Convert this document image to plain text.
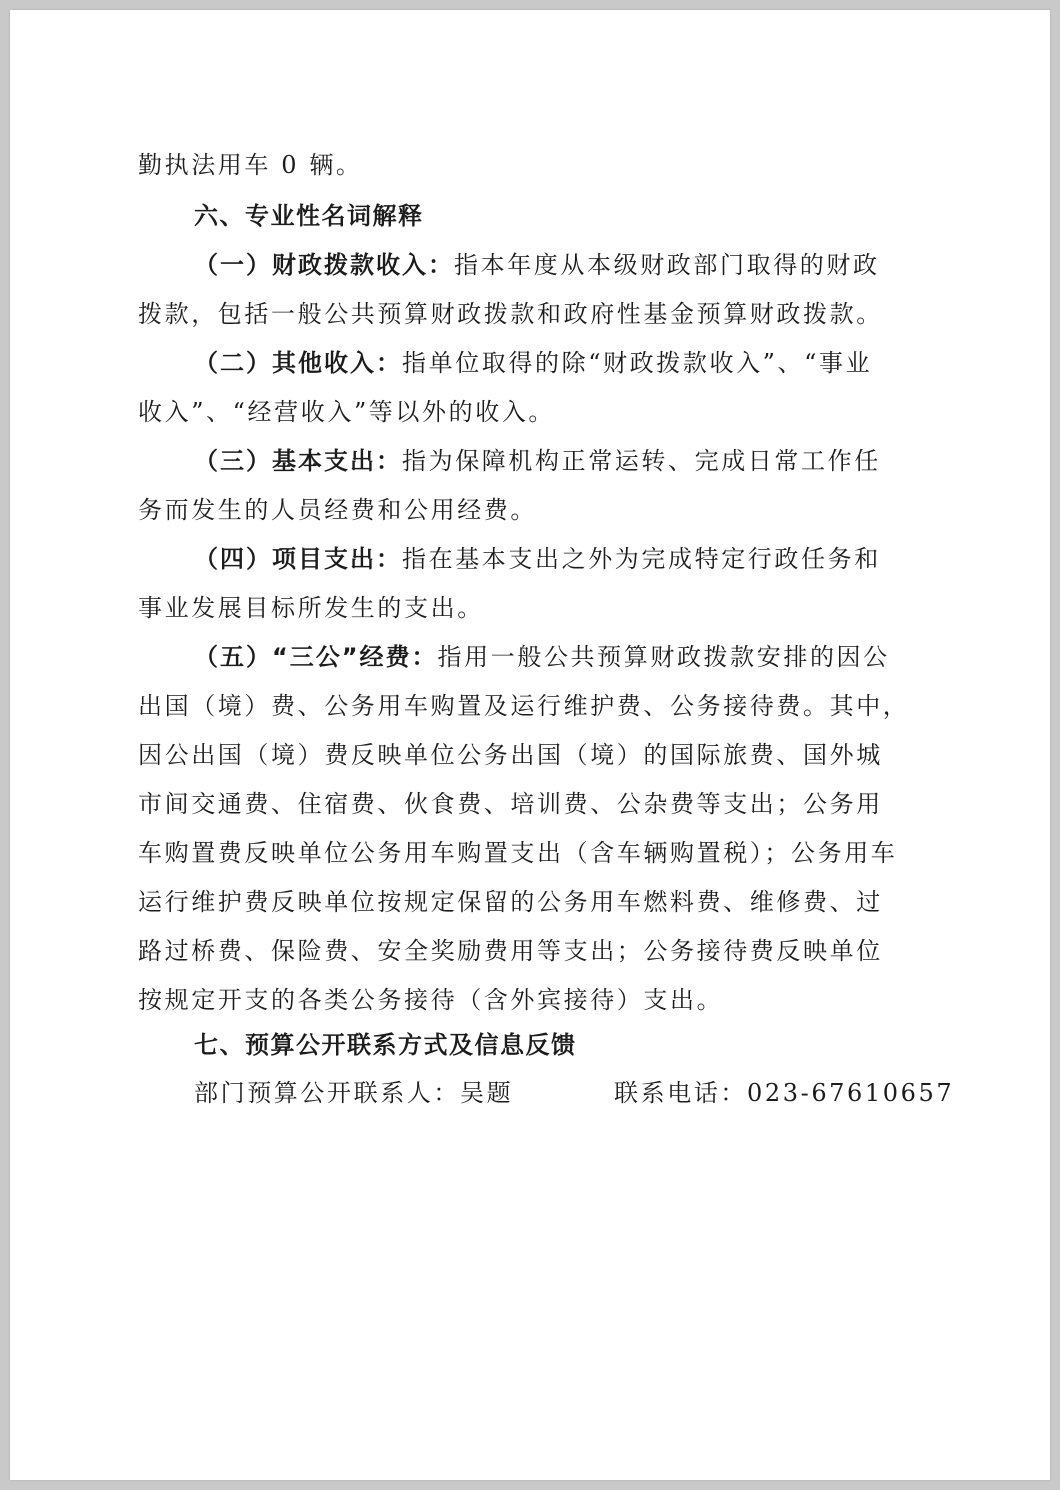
勤执法用车 0 辆。
六、专业性名词解释
（一）财政拨款收入：指本年度从本级财政部门取得的财政
拨款，包括一般公共预算财政拨款和政府性基金预算财政拨款。
（二）其他收入：指单位取得的除“财政拨款收入”、“事业
收入”、“经营收入”等以外的收入。
（三）基本支出：指为保障机构正常运转、完成日常工作任
务而发生的人员经费和公用经费。
（四）项目支出：指在基本支出之外为完成特定行政任务和
事业发展目标所发生的支出。
（五）“三公”经费：指用一般公共预算财政拨款安排的因公
出国（境）费、公务用车购置及运行维护费、公务接待费。其中，
因公出国（境）费反映单位公务出国（境）的国际旅费、国外城
市间交通费、住宿费、伙食费、培训费、公杂费等支出；公务用
车购置费反映单位公务用车购置支出（含车辆购置税）；公务用车
运行维护费反映单位按规定保留的公务用车燃料费、维修费、过
路过桥费、保险费、安全奖励费用等支出；公务接待费反映单位
按规定开支的各类公务接待（含外宾接待）支出。
七、预算公开联系方式及信息反馈
部门预算公开联系人：吴题	联系电话：023-67610657
